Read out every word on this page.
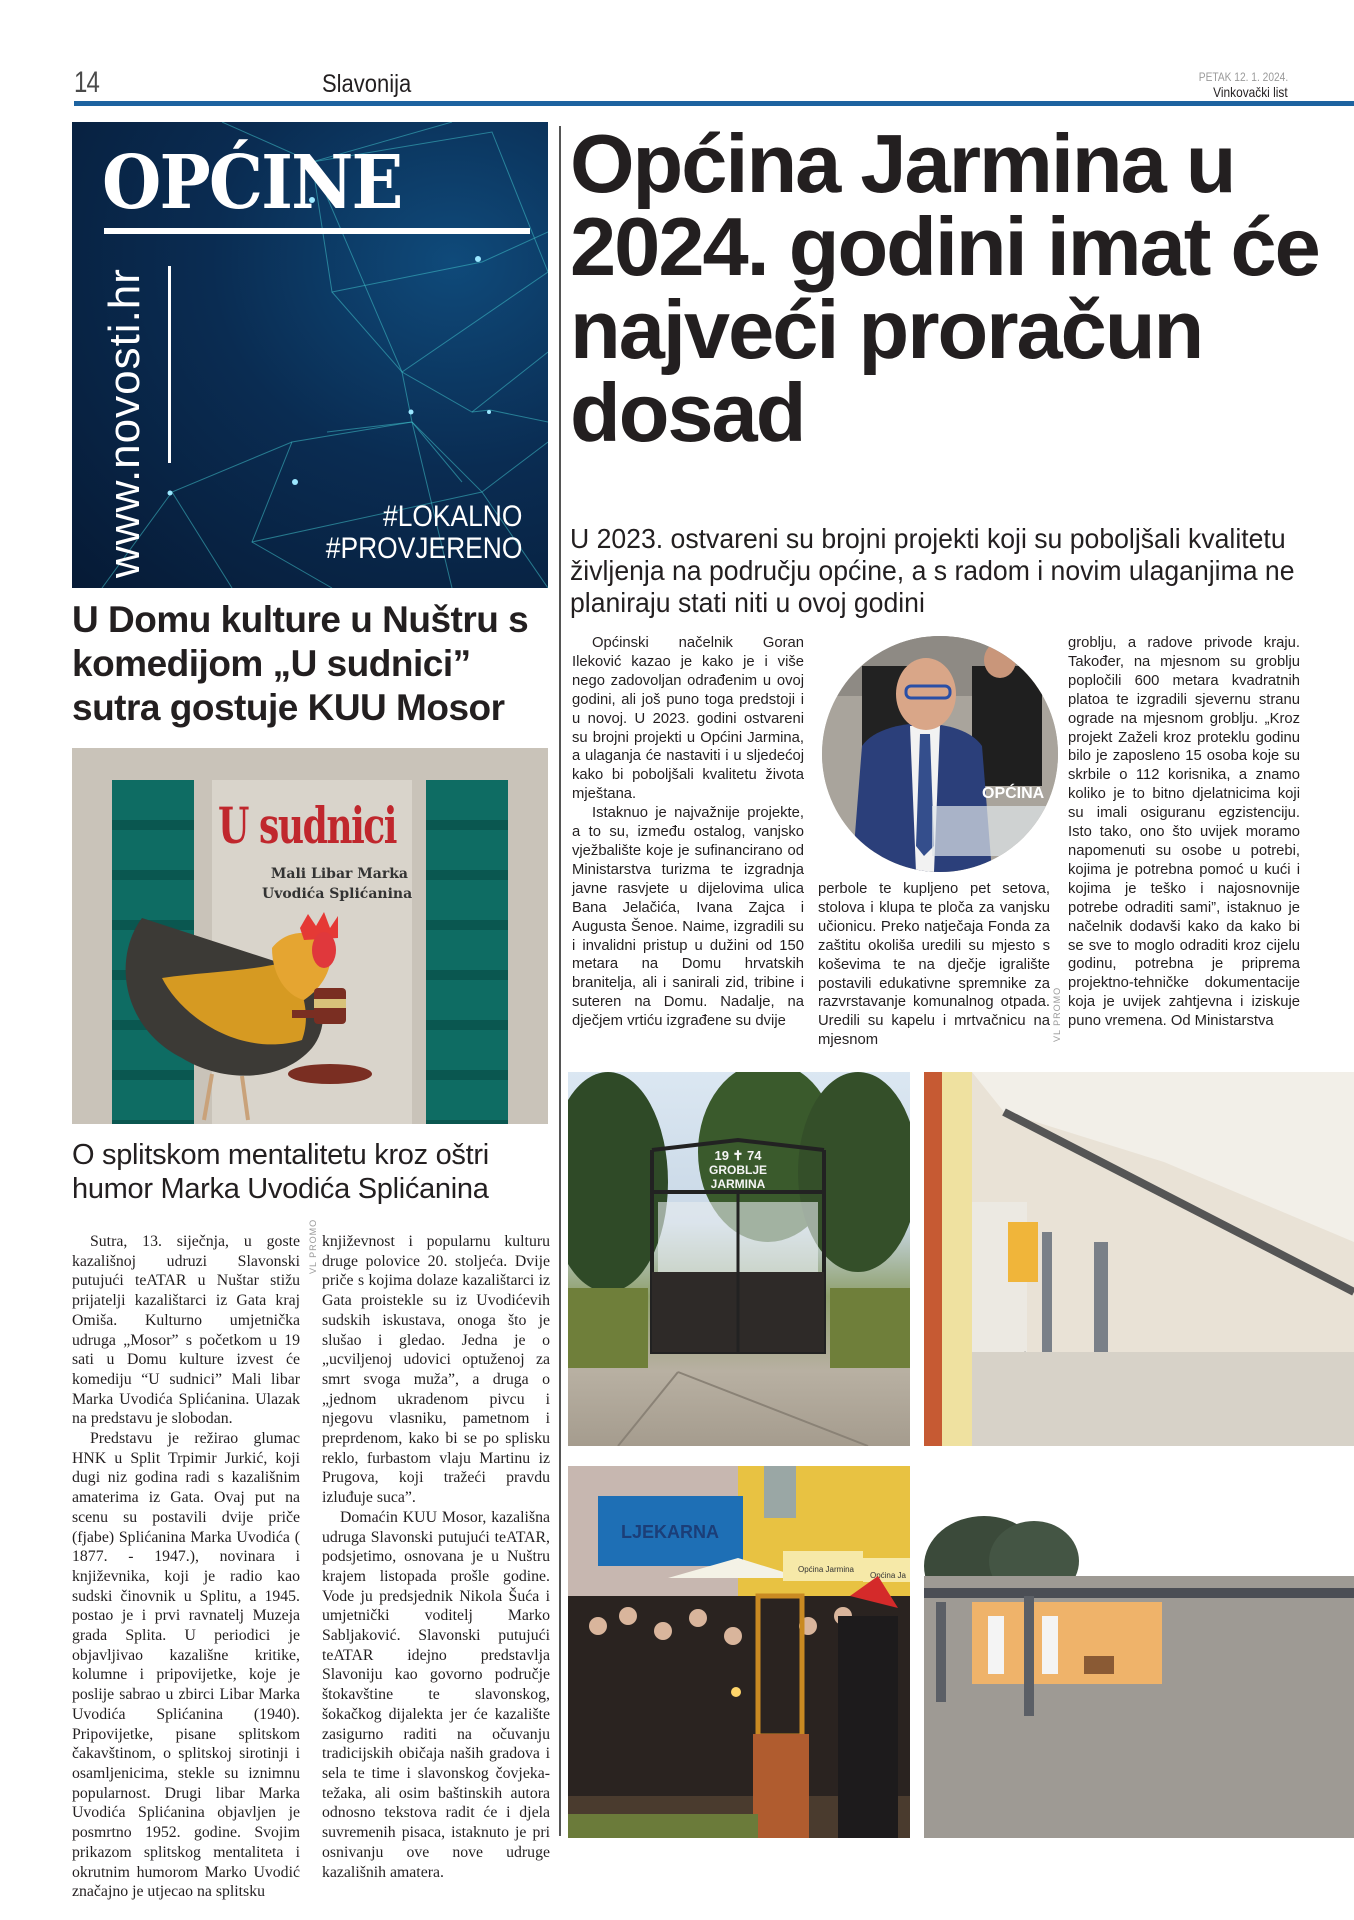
14	Slavonija	PETAK 12. 1. 2024.
Vinkovački list
OPĆINE
www.novosti.hr	#LOKALNO
#PROVJERENO
U Domu kulture u Nuštru s komedijom „U sudnici” sutra gostuje KUU Mosor
U sudnici
Mali Libar Marka
Uvodića Splićanina
O splitskom mentalitetu kroz oštri humor Marka Uvodića Splićanina

Sutra, 13. siječnja, u goste kazališnoj udruzi Slavonski putujući teATAR u Nuštar stižu prijatelji kazalištarci iz Gata kraj Omiša. Kulturno umjetnička udruga „Mosor” s početkom u 19 sati u Domu kulture izvest će komediju “U sudnici” Mali libar Marka Uvodića Splićanina. Ulazak na predstavu je slobodan.

Predstavu je režirao glumac HNK u Split Trpimir Jurkić, koji dugi niz godina radi s kazališnim amaterima iz Gata. Ovaj put na scenu su postavili dvije priče (fjabe) Splićanina Marka Uvodića ( 1877. - 1947.), novinara i književnika, koji je radio kao sudski činovnik u Splitu, a 1945. postao je i prvi ravnatelj Muzeja grada Splita. U periodici je objavljivao kazališne kritike, kolumne i pripovijetke, koje je poslije sabrao u zbirci Libar Marka Uvodića Splićanina (1940). Pripovijetke, pisane splitskom čakavštinom, o splitskoj sirotinji i osamljenicima, stekle su iznimnu popularnost. Drugi libar Marka Uvodića Splićanina objavljen je posmrtno 1952. godine. Svojim prikazom splitskog mentaliteta i okrutnim humorom Marko Uvodić značajno je utjecao na splitsku

VL PROMO književnost i popularnu kulturu druge polovice 20. stoljeća. Dvije priče s kojima dolaze kazalištarci iz Gata proistekle su iz Uvodićevih sudskih iskustava, onoga što je slušao i gledao. Jedna je o „ucviljenoj udovici optuženoj za smrt svoga muža”, a druga o „jednom ukradenom pivcu i njegovu vlasniku, pametnom i preprdenom, kako bi se po splisku reklo, furbastom vlaju Martinu iz Prugova, koji tražeći pravdu izluđuje suca”.

Domaćin KUU Mosor, kazališna udruga Slavonski putujući teATAR, podsjetimo, osnovana je u Nuštru krajem listopada prošle godine. Vode ju predsjednik Nikola Šuća i umjetnički voditelj Marko Sabljaković. Slavonski putujući teATAR idejno predstavlja Slavoniju kao govorno područje štokavštine te slavonskog, šokačkog dijalekta jer će kazalište zasigurno raditi na očuvanju tradicijskih običaja naših gradova i sela te time i slavonskog čovjeka-težaka, ali osim baštinskih autora odnosno tekstova radit će i djela suvremenih pisaca, istaknuto je pri osnivanju ove nove udruge kazališnih amatera.

Općina Jarmina u 2024. godini imat će najveći proračun dosad
U 2023. ostvareni su brojni projekti koji su poboljšali kvalitetu življenja na području općine, a s radom i novim ulaganjima ne planiraju stati niti u ovoj godini

Općinski načelnik Goran Ileković kazao je kako je i više nego zadovoljan odrađenim u ovoj godini, ali još puno toga predstoji i u novoj. U 2023. godini ostvareni su brojni projekti u Općini Jarmina, a ulaganja će nastaviti i u sljedećoj kako bi poboljšali kvalitetu života mještana.

Istaknuo je najvažnije projekte, a to su, između ostalog, vanjsko vježbalište koje je sufinancirano od Ministarstva turizma te izgradnja javne rasvjete u dijelovima ulica Bana Jelačića, Ivana Zajca i Augusta Šenoe. Naime, izgradili su i invalidni pristup u dužini od 150 metara na Domu hrvatskih branitelja, ali i sanirali zid, tribine i suteren na Domu. Nadalje, na dječjem vrtiću izgrađene su dvije

OPĆINA

perbole te kupljeno pet setova, stolova i klupa te ploča za vanjsku učionicu. Preko natječaja Fonda za zaštitu okoliša uredili su mjesto s koševima te na dječje igralište postavili edukativne spremnike za razvrstavanje komunalnog otpada. Uredili su kapelu i mrtvačnicu na mjesnom	VL PROMO

groblju, a radove privode kraju. Također, na mjesnom su groblju popločili 600 metara kvadratnih platoa te izgradili sjevernu stranu ograde na mjesnom groblju. „Kroz projekt Zaželi kroz proteklu godinu bilo je zaposleno 15 osoba koje su skrbile o 112 korisnika, a znamo koliko je to bitno djelatnicima koji su imali osiguranu egzistenciju. Isto tako, ono što uvijek moramo napomenuti su osobe u potrebi, kojima je potrebna pomoć u kući i kojima je teško i najosnovnije potrebe odraditi sami”, istaknuo je načelnik dodavši kako da kako bi se sve to moglo odraditi kroz cijelu godinu, potrebna je priprema projektno-tehničke dokumentacije koja je uvijek zahtjevna i iziskuje puno vremena. Od Ministarstva

19 ✝ 74
GROBLJE
JARMINA
LJEKARNA
Općina Jarmina
Općina Ja
